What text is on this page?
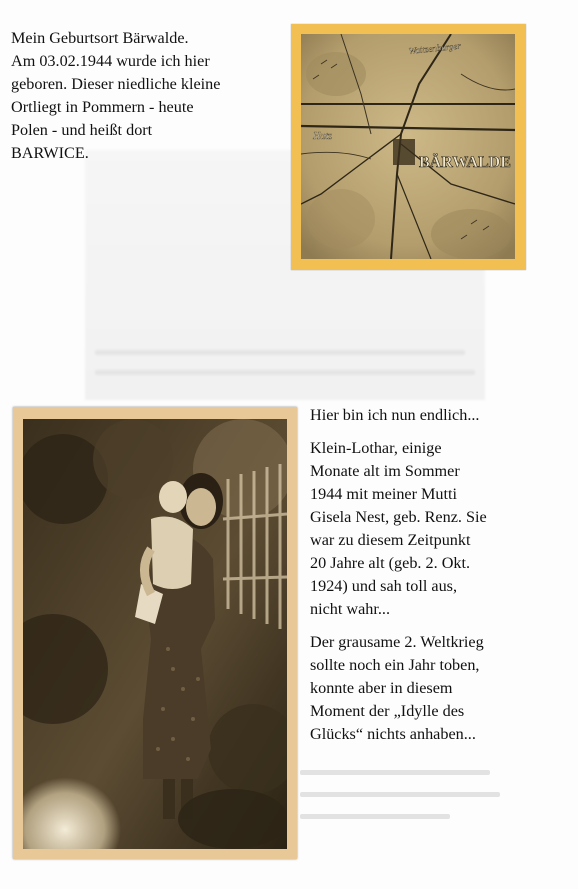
Mein Geburtsort Bärwalde.
Am 03.02.1944 wurde ich hier
geboren. Dieser niedliche kleine
Ortliegt in Pommern - heute
Polen - und heißt dort
BARWICE.
BÄRWALDE
Waitzenburger
Hutz

Hier bin ich nun endlich...

Klein-Lothar, einige
Monate alt im Sommer
1944 mit meiner Mutti
Gisela Nest, geb. Renz. Sie
war zu diesem Zeitpunkt
20 Jahre alt (geb. 2. Okt.
1924) und sah toll aus,
nicht wahr...

Der grausame 2. Weltkrieg
sollte noch ein Jahr toben,
konnte aber in diesem
Moment der „Idylle des
Glücks“ nichts anhaben...
